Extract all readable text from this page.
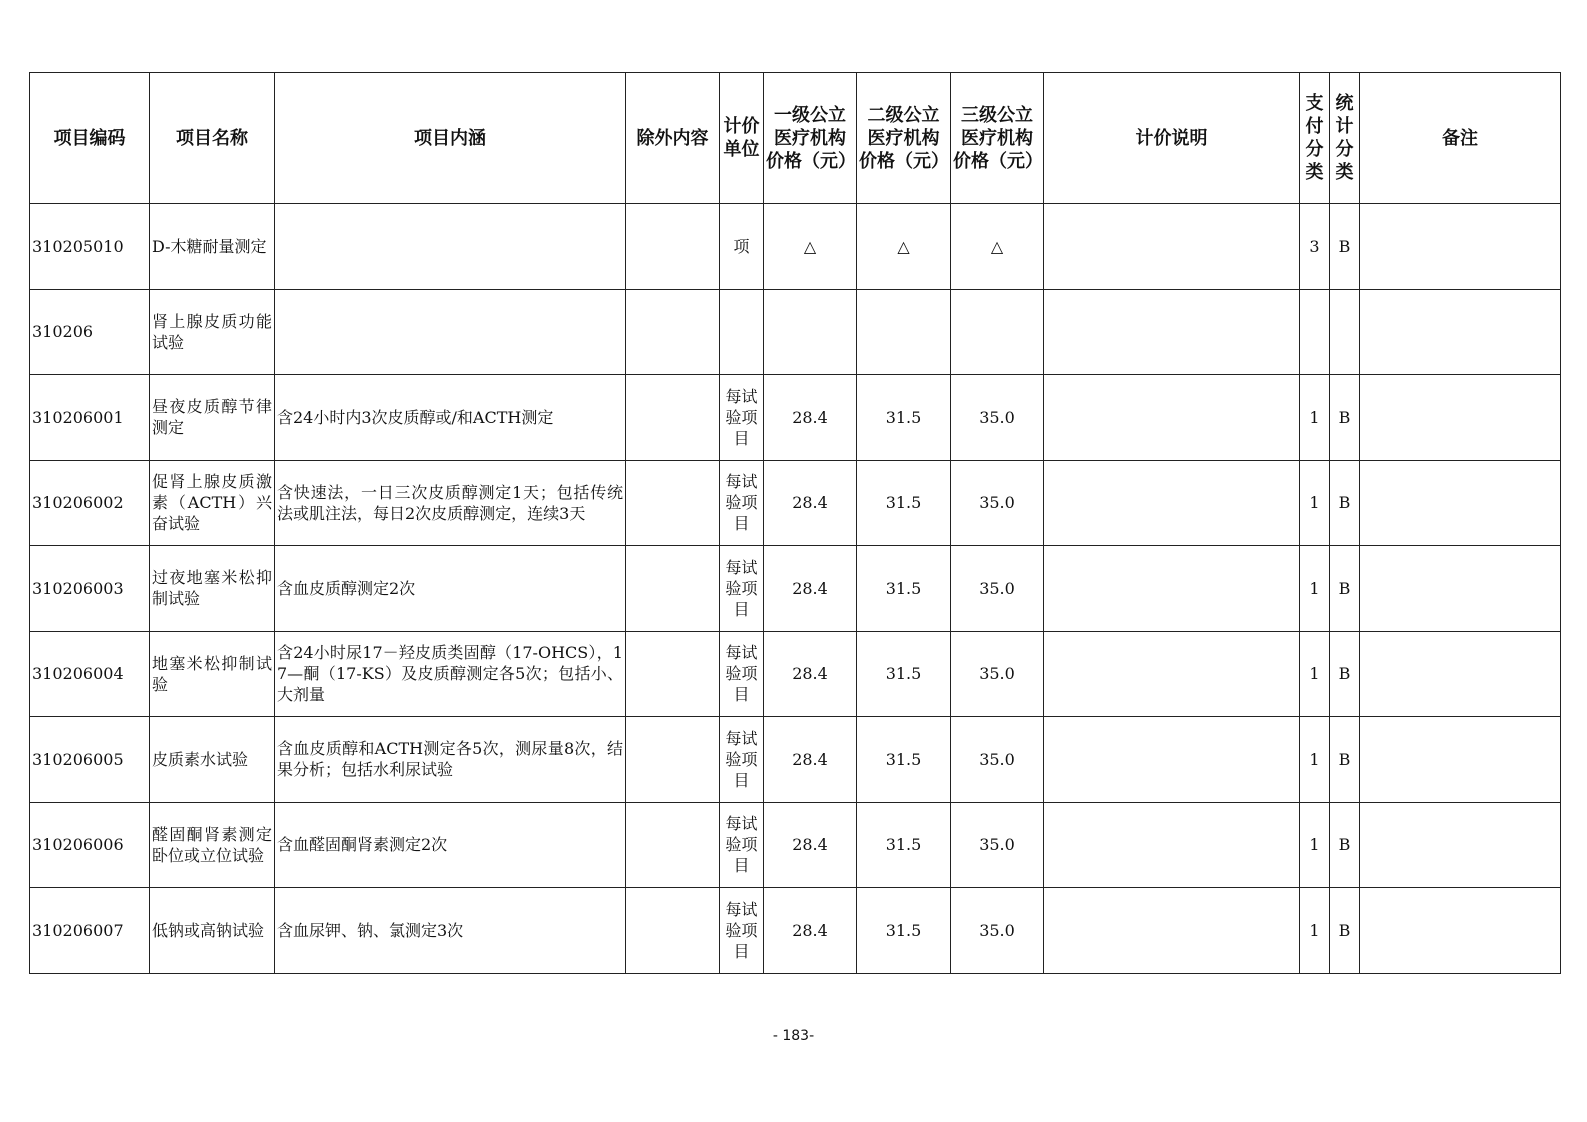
项目编码	项目名称	项目内涵	除外内容	计价单位	一级公立医疗机构价格（元）	二级公立医疗机构价格（元）	三级公立医疗机构价格（元）	计价说明	支付分类	统计分类	备注
310205010	D-木糖耐量测定			项	△	△	△		3	B	
310206	肾上腺皮质功能试验										
310206001	昼夜皮质醇节律测定	含24小时内3次皮质醇或/和ACTH测定		每试验项目	28.4	31.5	35.0		1	B	
310206002	促肾上腺皮质激素（ACTH）兴奋试验	含快速法，一日三次皮质醇测定1天；包括传统法或肌注法，每日2次皮质醇测定，连续3天		每试验项目	28.4	31.5	35.0		1	B	
310206003	过夜地塞米松抑制试验	含血皮质醇测定2次		每试验项目	28.4	31.5	35.0		1	B	
310206004	地塞米松抑制试验	含24小时尿17－羟皮质类固醇（17-OHCS），17—酮（17-KS）及皮质醇测定各5次；包括小、大剂量		每试验项目	28.4	31.5	35.0		1	B	
310206005	皮质素水试验	含血皮质醇和ACTH测定各5次，测尿量8次，结果分析；包括水利尿试验		每试验项目	28.4	31.5	35.0		1	B	
310206006	醛固酮肾素测定卧位或立位试验	含血醛固酮肾素测定2次		每试验项目	28.4	31.5	35.0		1	B	
310206007	低钠或高钠试验	含血尿钾、钠、氯测定3次		每试验项目	28.4	31.5	35.0		1	B	
- 183-
